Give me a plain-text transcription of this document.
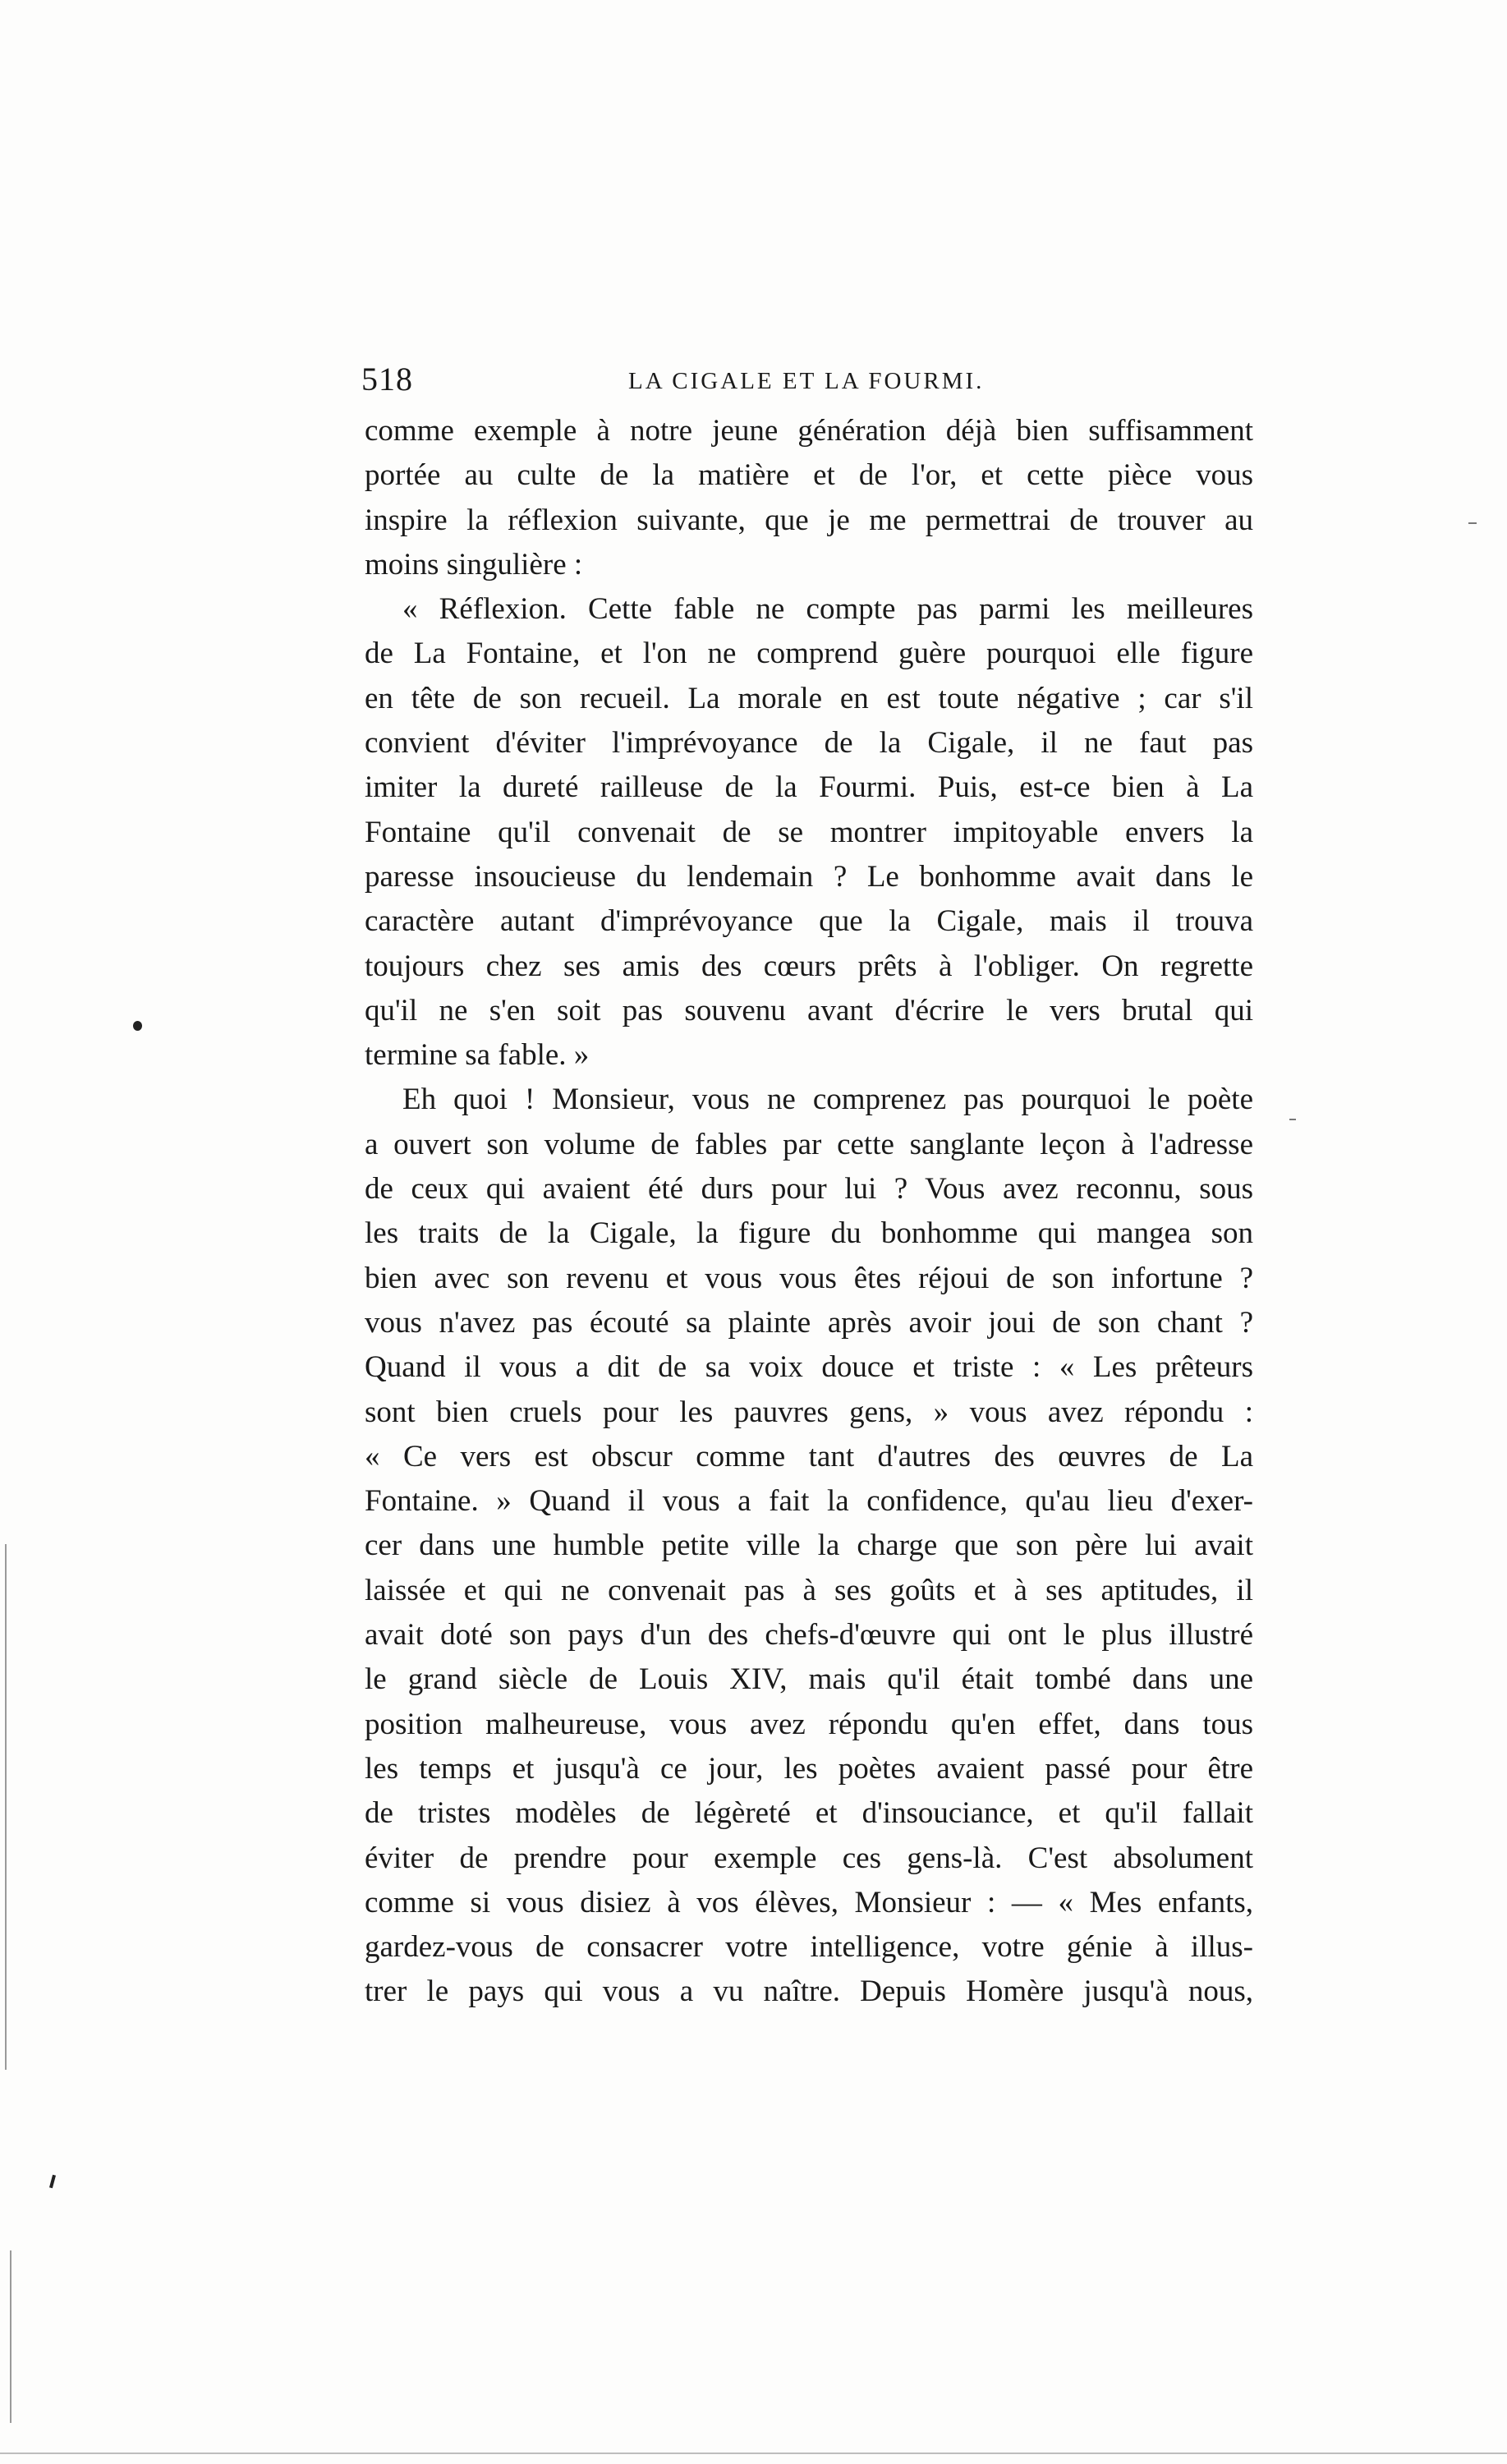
518	LA CIGALE ET LA FOURMI.
comme exemple à notre jeune génération déjà bien suffisamment
portée au culte de la matière et de l'or, et cette pièce vous
inspire la réflexion suivante, que je me permettrai de trouver au
moins singulière :
« Réflexion. Cette fable ne compte pas parmi les meilleures
de La Fontaine, et l'on ne comprend guère pourquoi elle figure
en tête de son recueil. La morale en est toute négative ; car s'il
convient d'éviter l'imprévoyance de la Cigale, il ne faut pas
imiter la dureté railleuse de la Fourmi. Puis, est-ce bien à La
Fontaine qu'il convenait de se montrer impitoyable envers la
paresse insoucieuse du lendemain ? Le bonhomme avait dans le
caractère autant d'imprévoyance que la Cigale, mais il trouva
toujours chez ses amis des cœurs prêts à l'obliger. On regrette
qu'il ne s'en soit pas souvenu avant d'écrire le vers brutal qui
termine sa fable. »
Eh quoi ! Monsieur, vous ne comprenez pas pourquoi le poète
a ouvert son volume de fables par cette sanglante leçon à l'adresse
de ceux qui avaient été durs pour lui ? Vous avez reconnu, sous
les traits de la Cigale, la figure du bonhomme qui mangea son
bien avec son revenu et vous vous êtes réjoui de son infortune ?
vous n'avez pas écouté sa plainte après avoir joui de son chant ?
Quand il vous a dit de sa voix douce et triste : « Les prêteurs
sont bien cruels pour les pauvres gens, » vous avez répondu :
« Ce vers est obscur comme tant d'autres des œuvres de La
Fontaine. » Quand il vous a fait la confidence, qu'au lieu d'exer-
cer dans une humble petite ville la charge que son père lui avait
laissée et qui ne convenait pas à ses goûts et à ses aptitudes, il
avait doté son pays d'un des chefs-d'œuvre qui ont le plus illustré
le grand siècle de Louis XIV, mais qu'il était tombé dans une
position malheureuse, vous avez répondu qu'en effet, dans tous
les temps et jusqu'à ce jour, les poètes avaient passé pour être
de tristes modèles de légèreté et d'insouciance, et qu'il fallait
éviter de prendre pour exemple ces gens-là. C'est absolument
comme si vous disiez à vos élèves, Monsieur : — « Mes enfants,
gardez-vous de consacrer votre intelligence, votre génie à illus-
trer le pays qui vous a vu naître. Depuis Homère jusqu'à nous,
